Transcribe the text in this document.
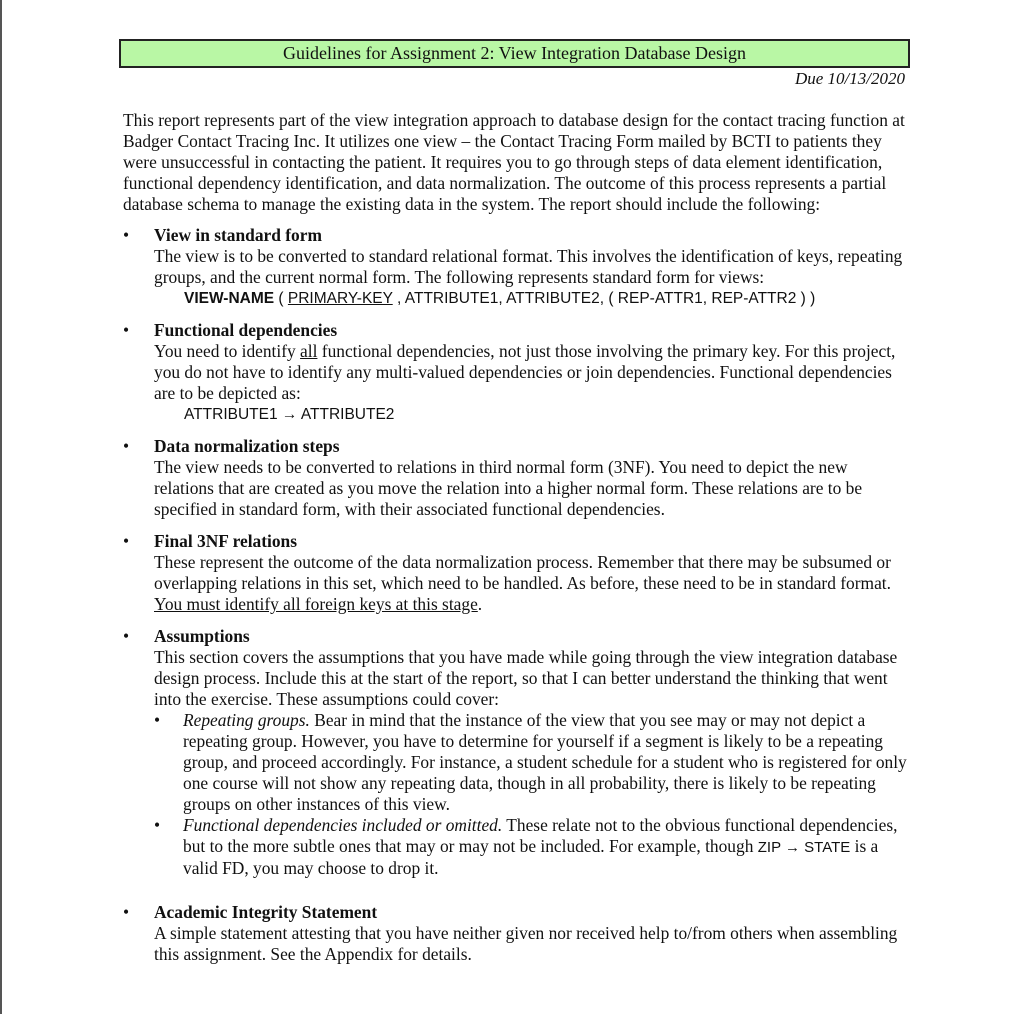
Guidelines for Assignment 2: View Integration Database Design
Due 10/13/2020

This report represents part of the view integration approach to database design for the contact tracing function at Badger Contact Tracing Inc. It utilizes one view – the Contact Tracing Form mailed by BCTI to patients they were unsuccessful in contacting the patient. It requires you to go through steps of data element identification, functional dependency identification, and data normalization. The outcome of this process represents a partial database schema to manage the existing data in the system. The report should include the following:

• View in standard form
The view is to be converted to standard relational format. This involves the identification of keys, repeating groups, and the current normal form. The following represents standard form for views:
VIEW-NAME ( PRIMARY-KEY , ATTRIBUTE1, ATTRIBUTE2, ( REP-ATTR1, REP-ATTR2 ) )
• Functional dependencies
You need to identify all functional dependencies, not just those involving the primary key. For this project, you do not have to identify any multi-valued dependencies or join dependencies. Functional dependencies are to be depicted as:
ATTRIBUTE1 → ATTRIBUTE2
• Data normalization steps
The view needs to be converted to relations in third normal form (3NF). You need to depict the new relations that are created as you move the relation into a higher normal form. These relations are to be specified in standard form, with their associated functional dependencies.
• Final 3NF relations
These represent the outcome of the data normalization process. Remember that there may be subsumed or overlapping relations in this set, which need to be handled. As before, these need to be in standard format. You must identify all foreign keys at this stage.
• Assumptions
This section covers the assumptions that you have made while going through the view integration database design process. Include this at the start of the report, so that I can better understand the thinking that went into the exercise. These assumptions could cover:
• Repeating groups. Bear in mind that the instance of the view that you see may or may not depict a repeating group. However, you have to determine for yourself if a segment is likely to be a repeating group, and proceed accordingly. For instance, a student schedule for a student who is registered for only one course will not show any repeating data, though in all probability, there is likely to be repeating groups on other instances of this view.
• Functional dependencies included or omitted. These relate not to the obvious functional dependencies, but to the more subtle ones that may or may not be included. For example, though ZIP → STATE is a valid FD, you may choose to drop it.
• Academic Integrity Statement
A simple statement attesting that you have neither given nor received help to/from others when assembling this assignment. See the Appendix for details.
